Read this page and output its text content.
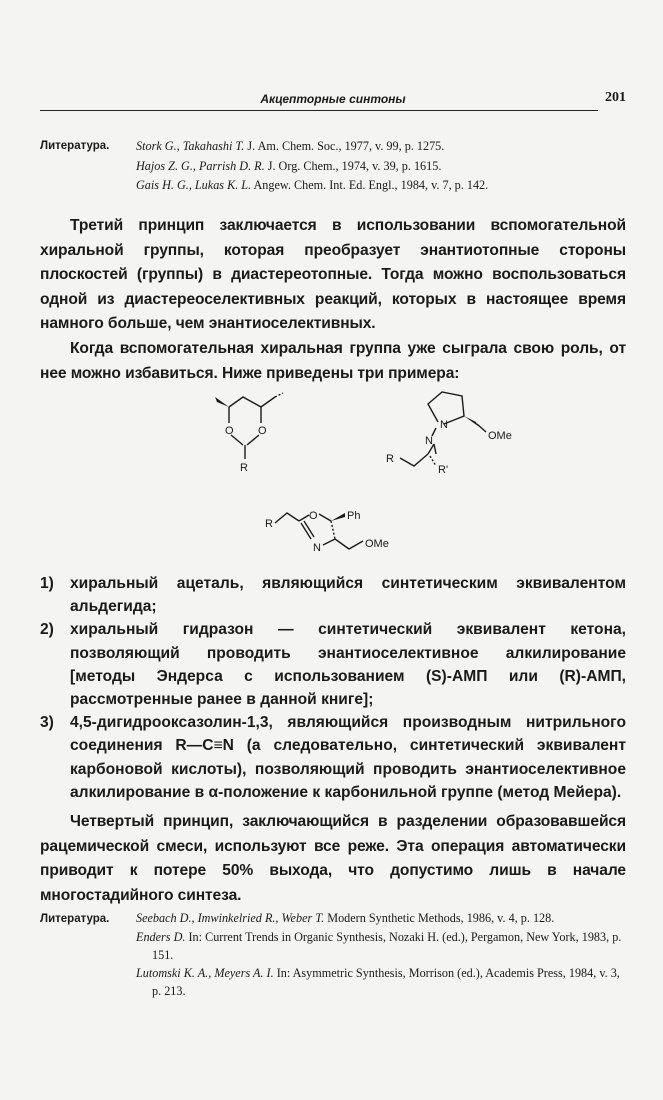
Акцепторные синтоны	201
Литература. Stork G., Takahashi T. J. Am. Chem. Soc., 1977, v. 99, p. 1275.
Hajos Z. G., Parrish D. R. J. Org. Chem., 1974, v. 39, p. 1615.
Gais H. G., Lukas K. L. Angew. Chem. Int. Ed. Engl., 1984, v. 7, p. 142.

Третий принцип заключается в использовании вспомогательной хиральной группы, которая преобразует энантиотопные стороны плоскостей (группы) в диастереотопные. Тогда можно воспользоваться одной из диастереоселективных реакций, которых в настоящее время намного больше, чем энантиоселективных.

Когда вспомогательная хиральная группа уже сыграла свою роль, от нее можно избавиться. Ниже приведены три примера:

O O
R
N
N	OMe
R
R'
R
O
N
Ph
OMe
1) хиральный ацеталь, являющийся синтетическим эквивалентом альдегида;
2) хиральный гидразон — синтетический эквивалент кетона, позволяющий проводить энантиоселективное алкилирование [методы Эндерса с использованием (S)-АМП или (R)-АМП, рассмотренные ранее в данной книге];
3) 4,5-дигидрооксазолин-1,3, являющийся производным нитрильного соединения R—C≡N (а следовательно, синтетический эквивалент карбоновой кислоты), позволяющий проводить энантиоселективное алкилирование в α-положение к карбонильной группе (метод Мейера).

Четвертый принцип, заключающийся в разделении образовавшейся рацемической смеси, используют все реже. Эта операция автоматически приводит к потере 50% выхода, что допустимо лишь в начале многостадийного синтеза.

Литература. Seebach D., Imwinkelried R., Weber T. Modern Synthetic Methods, 1986, v. 4, p. 128.
Enders D. In: Current Trends in Organic Synthesis, Nozaki H. (ed.), Pergamon, New York, 1983, p. 151.
Lutomski K. A., Meyers A. I. In: Asymmetric Synthesis, Morrison (ed.), Academis Press, 1984, v. 3, p. 213.
